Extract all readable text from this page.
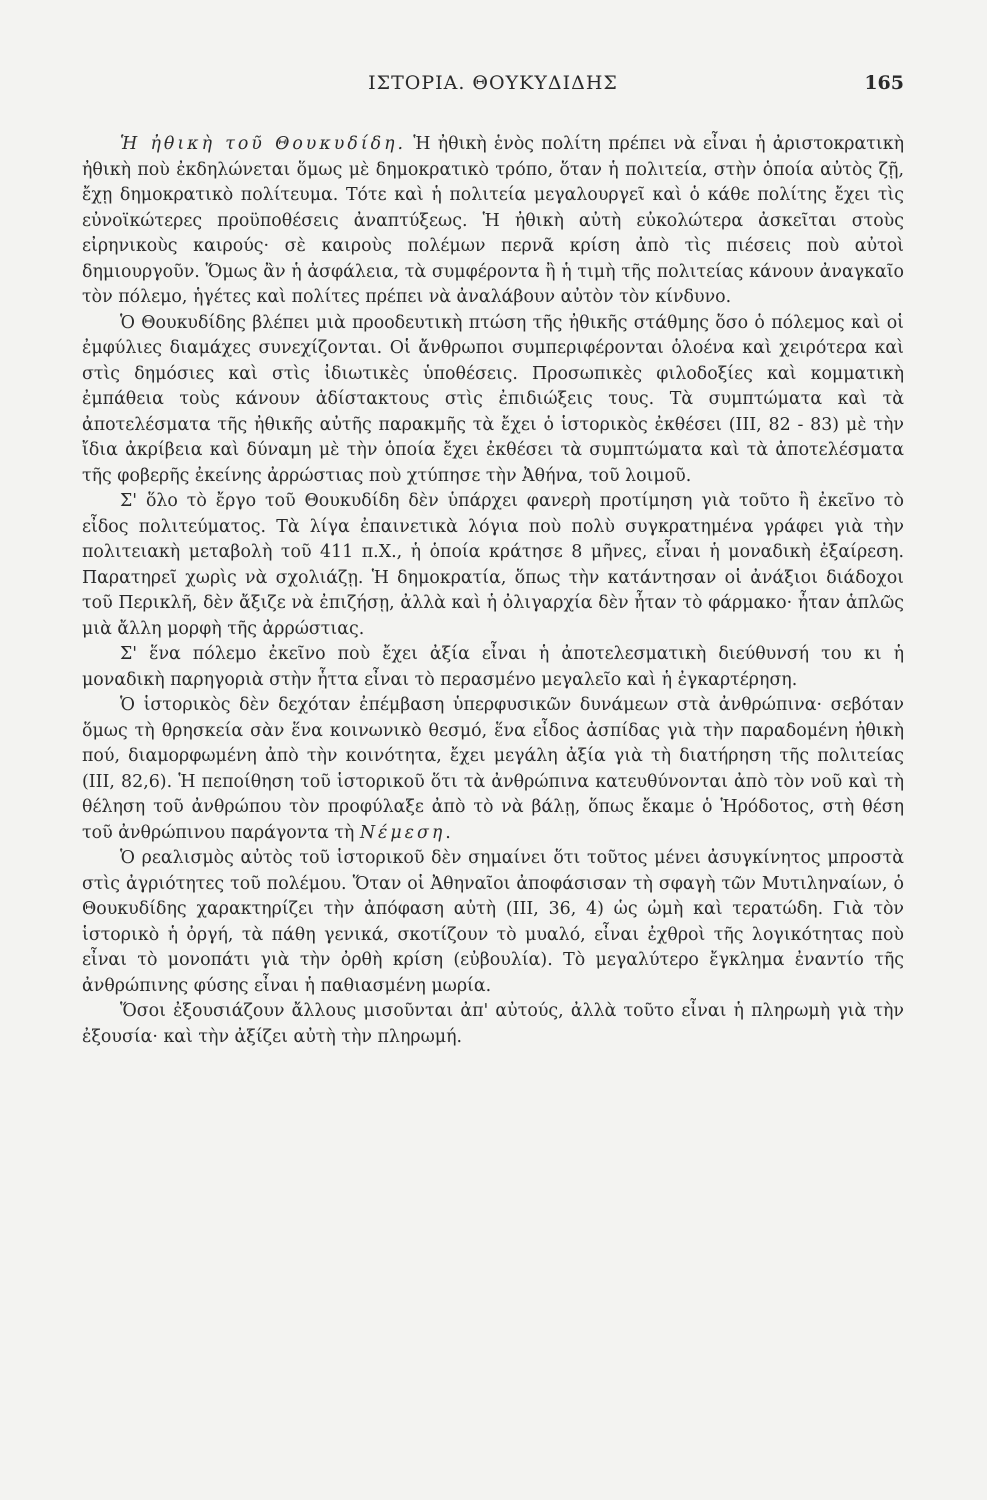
ΙΣΤΟΡΙΑ. ΘΟΥΚΥΔΙΔΗΣ	165

Ἡ ἠθικὴ τοῦ Θουκυδίδη. Ἡ ἠθικὴ ἑνὸς πολίτη πρέπει νὰ εἶναι ἡ ἀριστοκρατικὴ ἠθικὴ ποὺ ἐκδηλώνεται ὅμως μὲ δημοκρατικὸ τρόπο, ὅταν ἡ πολιτεία, στὴν ὁποία αὐτὸς ζῇ, ἔχῃ δημοκρατικὸ πολίτευμα. Τότε καὶ ἡ πολιτεία μεγαλουργεῖ καὶ ὁ κάθε πολίτης ἔχει τὶς εὐνοϊκώτερες προϋποθέσεις ἀναπτύξεως. Ἡ ἠθικὴ αὐτὴ εὐκολώτερα ἀσκεῖται στοὺς εἰρηνικοὺς καιρούς· σὲ καιροὺς πολέμων περνᾶ κρίση ἀπὸ τὶς πιέσεις ποὺ αὐτοὶ δημιουργοῦν. Ὅμως ἂν ἡ ἀσφάλεια, τὰ συμφέροντα ἢ ἡ τιμὴ τῆς πολιτείας κάνουν ἀναγκαῖο τὸν πόλεμο, ἡγέτες καὶ πολίτες πρέπει νὰ ἀναλάβουν αὐτὸν τὸν κίνδυνο.

Ὁ Θουκυδίδης βλέπει μιὰ προοδευτικὴ πτώση τῆς ἠθικῆς στάθμης ὅσο ὁ πόλεμος καὶ οἱ ἐμφύλιες διαμάχες συνεχίζονται. Οἱ ἄνθρωποι συμπεριφέρονται ὁλοένα καὶ χειρότερα καὶ στὶς δημόσιες καὶ στὶς ἰδιωτικὲς ὑποθέσεις. Προσωπικὲς φιλοδοξίες καὶ κομματικὴ ἐμπάθεια τοὺς κάνουν ἀδίστακτους στὶς ἐπιδιώξεις τους. Τὰ συμπτώματα καὶ τὰ ἀποτελέσματα τῆς ἠθικῆς αὐτῆς παρακμῆς τὰ ἔχει ὁ ἱστορικὸς ἐκθέσει (III, 82 - 83) μὲ τὴν ἴδια ἀκρίβεια καὶ δύναμη μὲ τὴν ὁποία ἔχει ἐκθέσει τὰ συμπτώματα καὶ τὰ ἀποτελέσματα τῆς φοβερῆς ἐκείνης ἀρρώστιας ποὺ χτύπησε τὴν Ἀθήνα, τοῦ λοιμοῦ.

Σ' ὅλο τὸ ἔργο τοῦ Θουκυδίδη δὲν ὑπάρχει φανερὴ προτίμηση γιὰ τοῦτο ἢ ἐκεῖνο τὸ εἶδος πολιτεύματος. Τὰ λίγα ἐπαινετικὰ λόγια ποὺ πολὺ συγκρατημένα γράφει γιὰ τὴν πολιτειακὴ μεταβολὴ τοῦ 411 π.Χ., ἡ ὁποία κράτησε 8 μῆνες, εἶναι ἡ μοναδικὴ ἐξαίρεση. Παρατηρεῖ χωρὶς νὰ σχολιάζῃ. Ἡ δημοκρατία, ὅπως τὴν κατάντησαν οἱ ἀνάξιοι διάδοχοι τοῦ Περικλῆ, δὲν ἄξιζε νὰ ἐπιζήσῃ, ἀλλὰ καὶ ἡ ὀλιγαρχία δὲν ἦταν τὸ φάρμακο· ἦταν ἁπλῶς μιὰ ἄλλη μορφὴ τῆς ἀρρώστιας.

Σ' ἕνα πόλεμο ἐκεῖνο ποὺ ἔχει ἀξία εἶναι ἡ ἀποτελεσματικὴ διεύθυνσή του κι ἡ μοναδικὴ παρηγοριὰ στὴν ἧττα εἶναι τὸ περασμένο μεγαλεῖο καὶ ἡ ἐγκαρτέρηση.

Ὁ ἱστορικὸς δὲν δεχόταν ἐπέμβαση ὑπερφυσικῶν δυνάμεων στὰ ἀνθρώπινα· σεβόταν ὅμως τὴ θρησκεία σὰν ἕνα κοινωνικὸ θεσμό, ἕνα εἶδος ἀσπίδας γιὰ τὴν παραδομένη ἠθικὴ πού, διαμορφωμένη ἀπὸ τὴν κοινότητα, ἔχει μεγάλη ἀξία γιὰ τὴ διατήρηση τῆς πολιτείας (III, 82,6). Ἡ πεποίθηση τοῦ ἱστορικοῦ ὅτι τὰ ἀνθρώπινα κατευθύνονται ἀπὸ τὸν νοῦ καὶ τὴ θέληση τοῦ ἀνθρώπου τὸν προφύλαξε ἀπὸ τὸ νὰ βάλῃ, ὅπως ἔκαμε ὁ Ἡρόδοτος, στὴ θέση τοῦ ἀνθρώπινου παράγοντα τὴ Νέμεση.

Ὁ ρεαλισμὸς αὐτὸς τοῦ ἱστορικοῦ δὲν σημαίνει ὅτι τοῦτος μένει ἀσυγκίνητος μπροστὰ στὶς ἀγριότητες τοῦ πολέμου. Ὅταν οἱ Ἀθηναῖοι ἀποφάσισαν τὴ σφαγὴ τῶν Μυτιληναίων, ὁ Θουκυδίδης χαρακτηρίζει τὴν ἀπόφαση αὐτὴ (III, 36, 4) ὡς ὠμὴ καὶ τερατώδη. Γιὰ τὸν ἱστορικὸ ἡ ὀργή, τὰ πάθη γενικά, σκοτίζουν τὸ μυαλό, εἶναι ἐχθροὶ τῆς λογικότητας ποὺ εἶναι τὸ μονοπάτι γιὰ τὴν ὀρθὴ κρίση (εὐβουλία). Τὸ μεγαλύτερο ἔγκλημα ἐναντίο τῆς ἀνθρώπινης φύσης εἶναι ἡ παθιασμένη μωρία.

Ὅσοι ἐξουσιάζουν ἄλλους μισοῦνται ἀπ' αὐτούς, ἀλλὰ τοῦτο εἶναι ἡ πληρωμὴ γιὰ τὴν ἐξουσία· καὶ τὴν ἀξίζει αὐτὴ τὴν πληρωμή.
